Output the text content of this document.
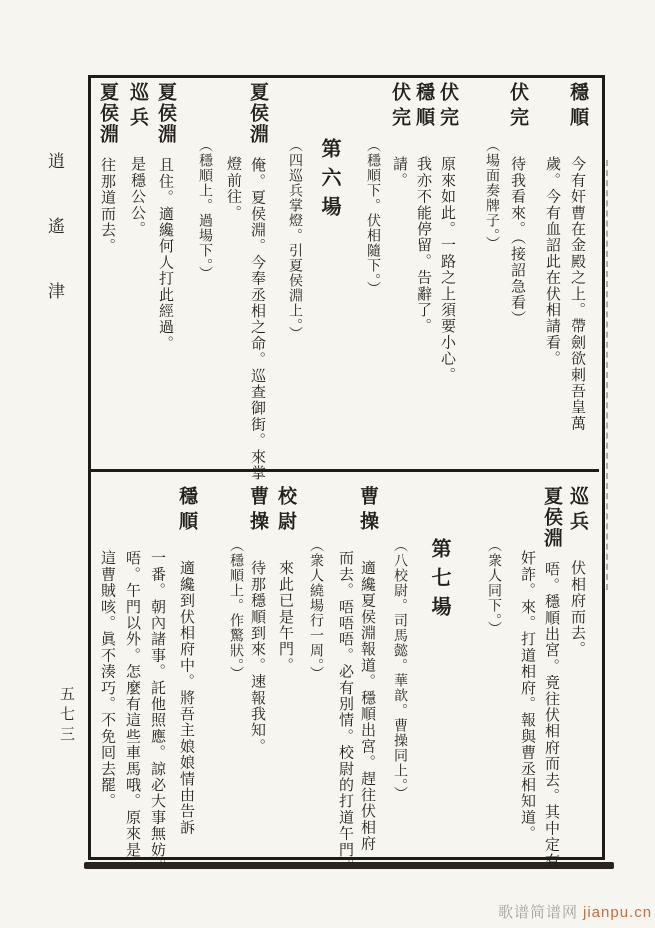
穩順今有奸曹在金殿之上。帶劍欲刺吾皇萬
歲。今有血詔此在伏相請看。
伏完待我看來。（接詔急看）
（場面奏牌子。）
伏完原來如此。一路之上須要小心。
穩順我亦不能停留。告辭了。
伏完請。
（穩順下。伏相隨下。）
第六場
（四巡兵掌燈。引夏侯淵上。）
夏侯淵俺。夏侯淵。今奉丞相之命。巡查御街。來掌
燈前往。
（穩順上。過場下。）
夏侯淵且住。適纔何人打此經過。
巡兵是穩公公。
夏侯淵往那道而去。
巡兵伏相府而去。
夏侯淵唔。穩順出宮。竟往伏相府而去。其中定有
奸詐。來。打道相府。報與曹丞相知道。
（衆人同下。）
第七場
（八校尉。司馬懿。華歆。曹操同上。）
曹操適纔夏侯淵報道。穩順出宮。趕往伏相府
而去。唔唔唔。必有別情。校尉的打道午門。
（衆人繞場行一周。）
校尉來此已是午門。
曹操待那穩順到來。速報我知。
（穩順上。作驚狀。）
穩順適纔到伏相府中。將吾主娘娘情由告訴
一番。朝內諸事。託他照應。諒必大事無妨。
唔。午門以外。怎麼有這些車馬哦。原來是
這曹賊咳。眞不湊巧。不免囘去罷。
逍遙津
五七三
歌谱简谱网 jianpu.cn
